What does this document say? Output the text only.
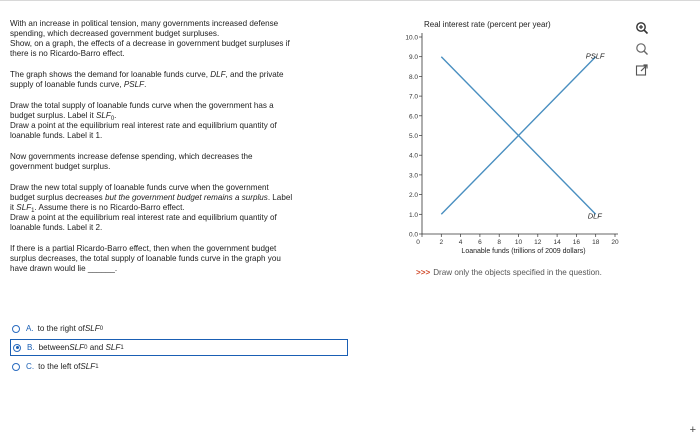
With an increase in political tension, many governments increased defense
spending, which decreased government budget surpluses.
Show, on a graph, the effects of a decrease in government budget surpluses if
there is no Ricardo-Barro effect.

The graph shows the demand for loanable funds curve, DLF, and the private
supply of loanable funds curve, PSLF.

Draw the total supply of loanable funds curve when the government has a
budget surplus. Label it $SLF_0$.
Draw a point at the equilibrium real interest rate and equilibrium quantity of
loanable funds. Label it 1.

Now governments increase defense spending, which decreases the
government budget surplus.

Draw the new total supply of loanable funds curve when the government
budget surplus decreases but the government budget remains a surplus. Label
it $SLF_1$. Assume there is no Ricardo-Barro effect.
Draw a point at the equilibrium real interest rate and equilibrium quantity of
loanable funds. Label it 2.

If there is a partial Ricardo-Barro effect, then when the government budget
surplus decreases, the total supply of loanable funds curve in the graph you
have drawn would lie ______.

A. to the right of SLF 0
B. between SLF 0 and SLF 1
C. to the left of SLF 1
Real interest rate (percent per year)
0.0
1.0
2.0
3.0
4.0
5.0
6.0
7.0
8.0
9.0
10.0
0	2 4 6 8 10 12 14 16 18 20
Loanable funds (trillions of 2009 dollars)
PSLF
DLF
>>> Draw only the objects specified in the question.
+
